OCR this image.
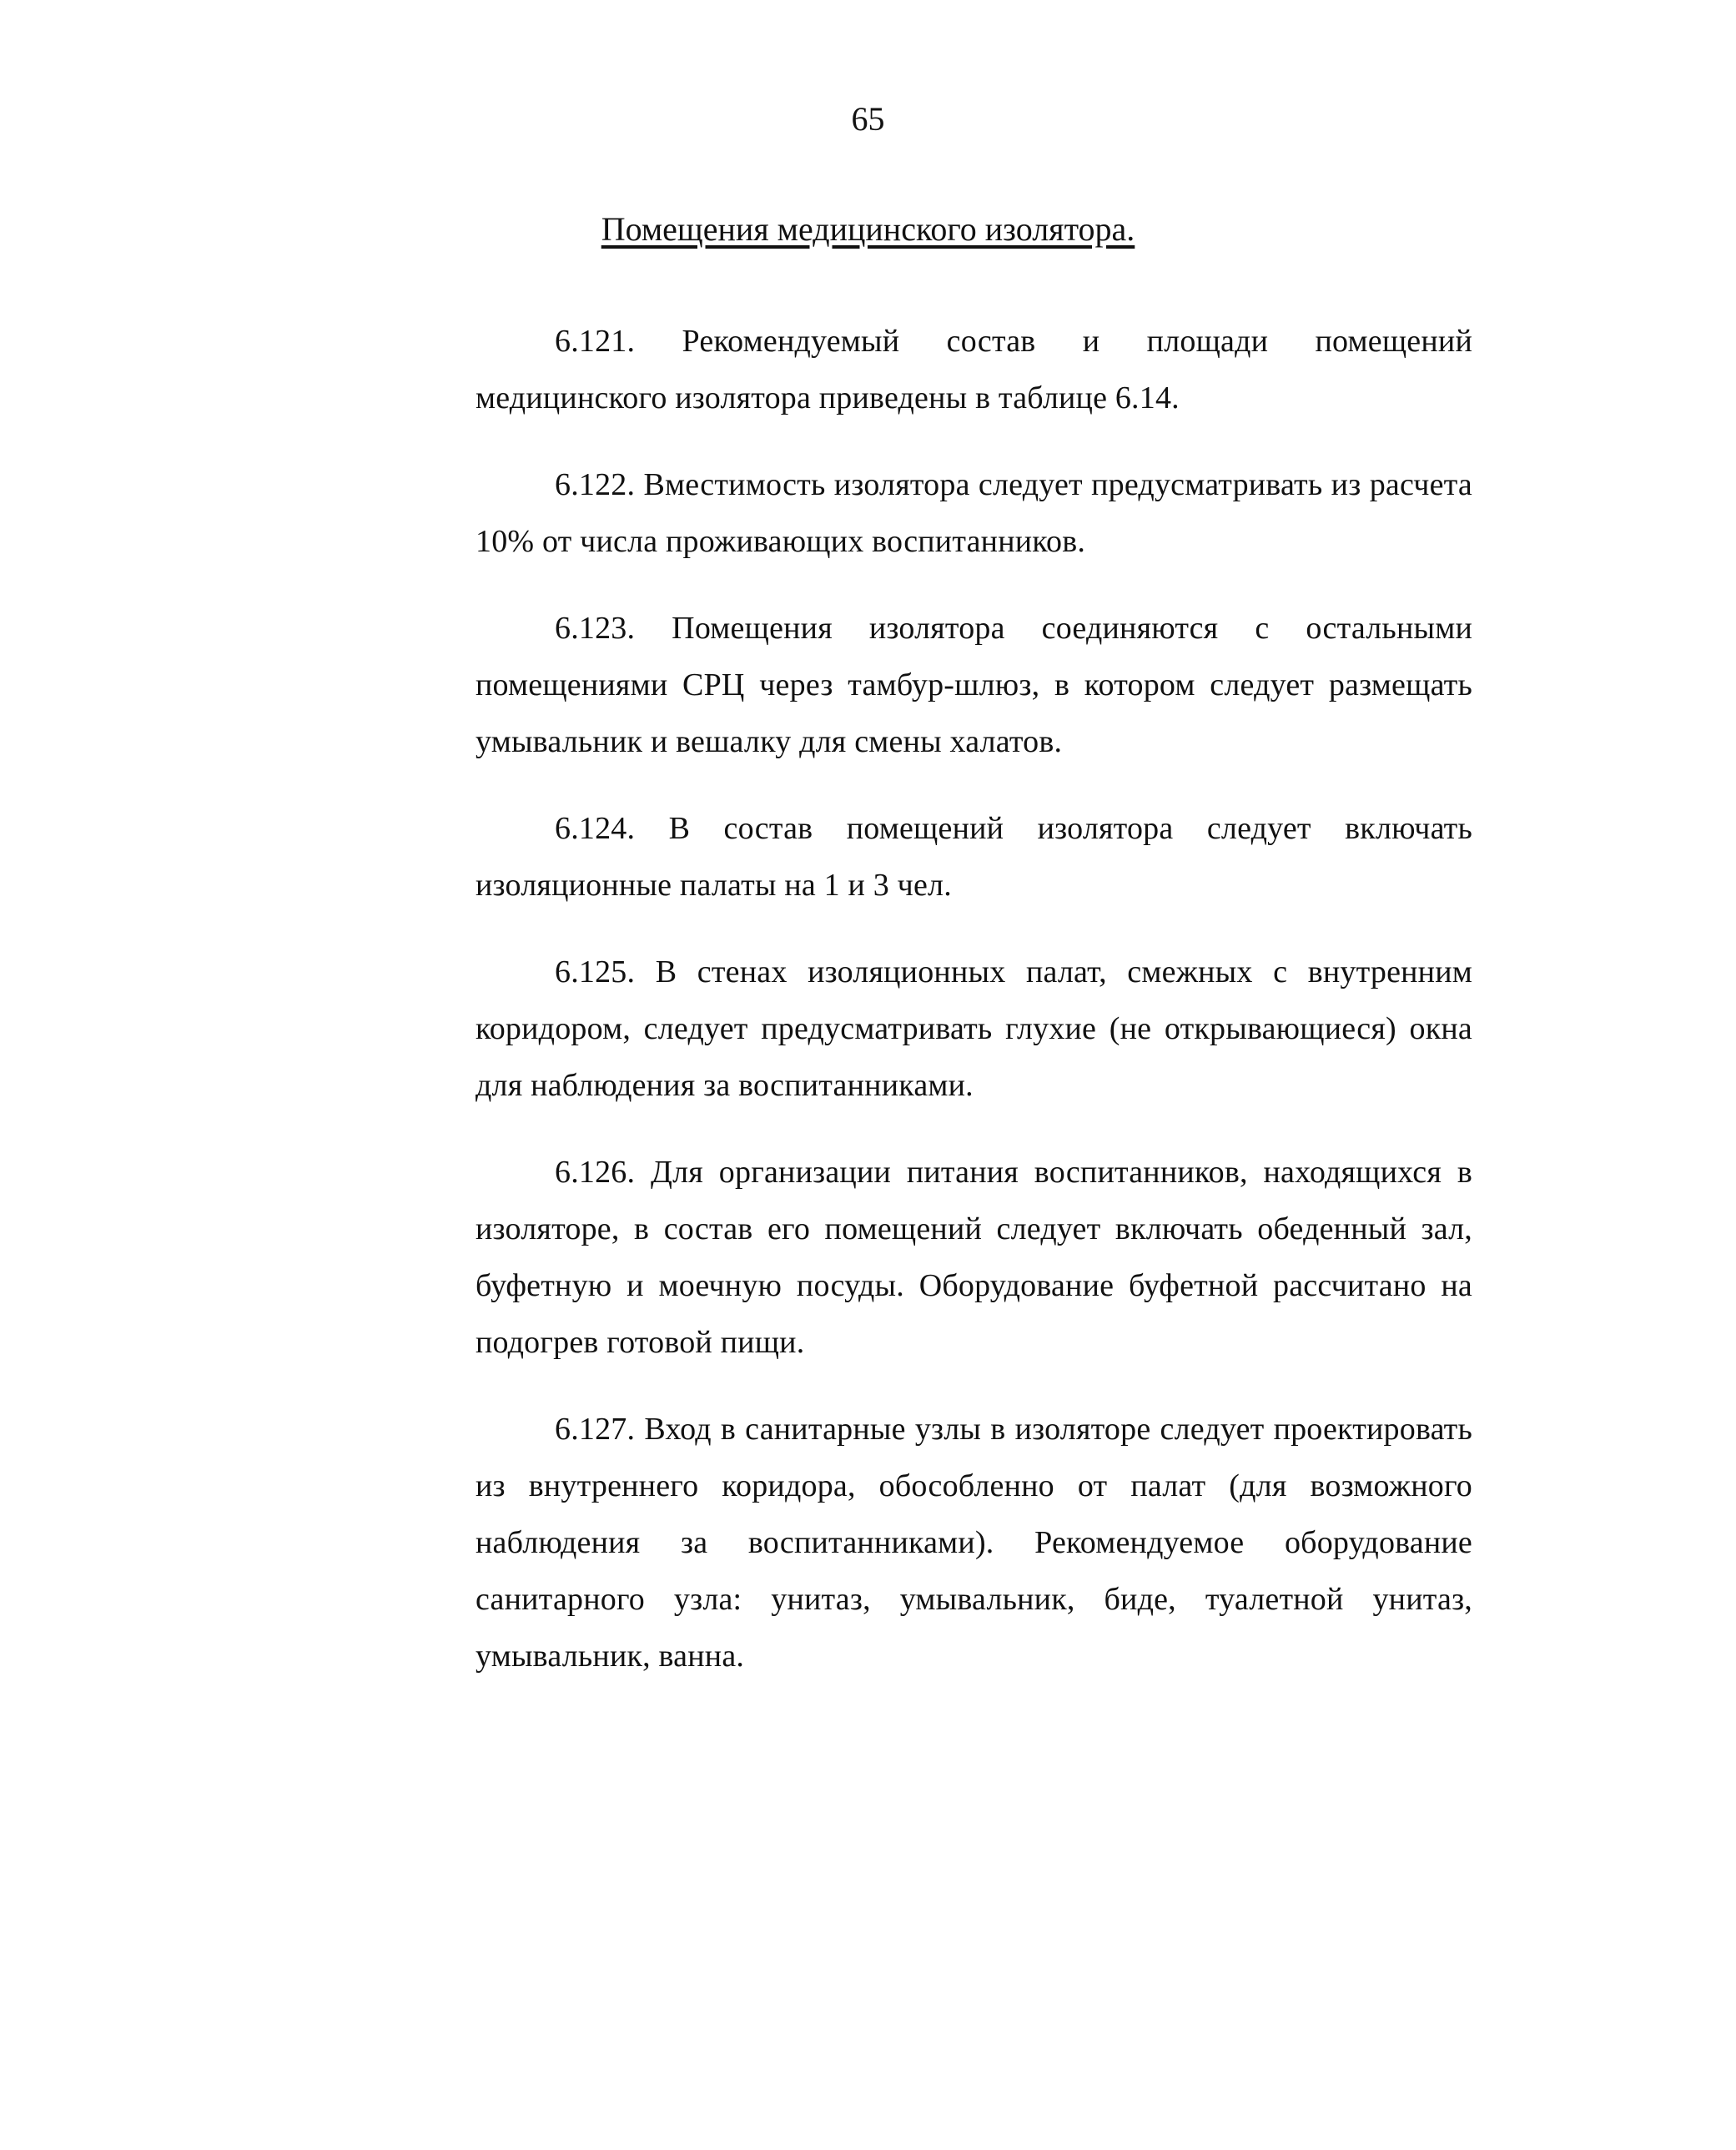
65
Помещения медицинского изолятора.

6.121. Рекомендуемый состав и площади помещений медицинского изолятора приведены в таблице 6.14.

6.122. Вместимость изолятора следует предусматривать из расчета 10% от числа проживающих воспитанников.

6.123. Помещения изолятора соединяются с остальными помещениями СРЦ через тамбур-шлюз, в котором следует размещать умывальник и вешалку для смены халатов.

6.124. В состав помещений изолятора следует включать изоляционные палаты на 1 и 3 чел.

6.125. В стенах изоляционных палат, смежных с внутренним коридором, следует предусматривать глухие (не открывающиеся) окна для наблюдения за воспитанниками.

6.126. Для организации питания воспитанников, находящихся в изоляторе, в состав его помещений следует включать обеденный зал, буфетную и моечную посуды. Оборудование буфетной рассчитано на подогрев готовой пищи.

6.127. Вход в санитарные узлы в изоляторе следует проектировать из внутреннего коридора, обособленно от палат (для возможного наблюдения за воспитанниками). Рекомендуемое оборудование санитарного узла: унитаз, умывальник, биде, туалетной унитаз, умывальник, ванна.
